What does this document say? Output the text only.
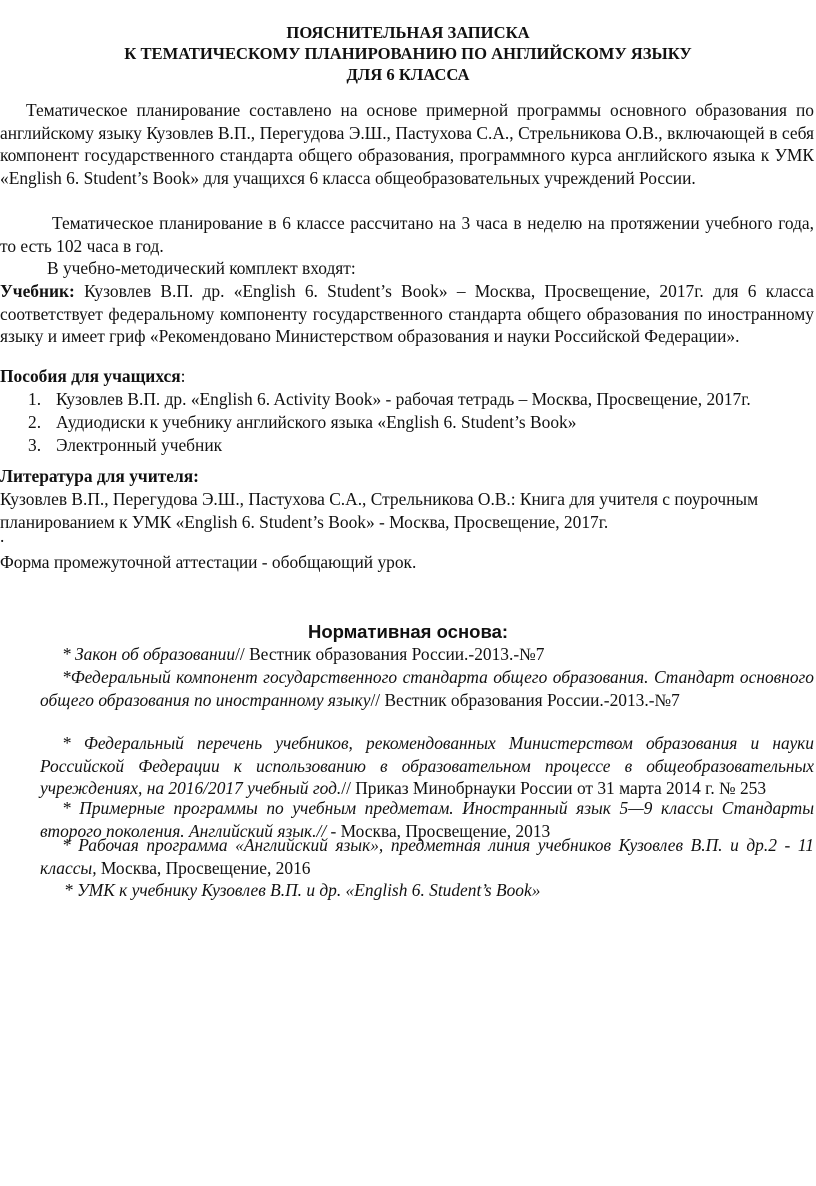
ПОЯСНИТЕЛЬНАЯ ЗАПИСКА
К ТЕМАТИЧЕСКОМУ ПЛАНИРОВАНИЮ ПО АНГЛИЙСКОМУ ЯЗЫКУ
ДЛЯ 6 КЛАССА
Тематическое планирование составлено на основе примерной программы основного образования по английскому языку Кузовлев В.П., Перегудова Э.Ш., Пастухова С.А., Стрельникова О.В., включающей в себя компонент государственного стандарта общего образования, программного курса английского языка к УМК «English 6. Student’s Book» для учащихся 6 класса общеобразовательных учреждений России.
Тематическое планирование в 6 классе рассчитано на 3 часа в неделю на протяжении учебного года, то есть 102 часа в год.
В учебно-методический комплект входят:
Учебник: Кузовлев В.П. др. «English 6. Student’s Book» – Москва, Просвещение, 2017г. для 6 класса соответствует федеральному компоненту государственного стандарта общего образования по иностранному языку и имеет гриф «Рекомендовано Министерством образования и науки Российской Федерации».
Пособия для учащихся:
1. Кузовлев В.П. др. «English 6. Activity Book» - рабочая тетрадь – Москва, Просвещение, 2017г.
2. Аудиодиски к учебнику английского языка «English 6. Student’s Book»
3. Электронный учебник
Литература для учителя:
Кузовлев В.П., Перегудова Э.Ш., Пастухова С.А., Стрельникова О.В.: Книга для учителя с поурочным планированием к УМК «English 6. Student’s Book» - Москва, Просвещение, 2017г.
.
Форма промежуточной аттестации - обобщающий урок.
Нормативная основа:
* Закон об образовании// Вестник образования России.-2013.-№7
*Федеральный компонент государственного стандарта общего образования. Стандарт основного общего образования по иностранному языку// Вестник образования России.-2013.-№7
* Федеральный перечень учебников, рекомендованных Министерством образования и науки Российской Федерации к использованию в образовательном процессе в общеобразовательных учреждениях, на 2016/2017 учебный год.// Приказ Минобрнауки России от 31 марта 2014 г. № 253
* Примерные программы по учебным предметам. Иностранный язык 5—9 классы Стандарты второго поколения. Английский язык.// - Москва, Просвещение, 2013
* Рабочая программа «Английский язык», предметная линия учебников Кузовлев В.П. и др.2 - 11 классы, Москва, Просвещение, 2016
* УМК к учебнику Кузовлев В.П. и др. «English 6. Student’s Book»
